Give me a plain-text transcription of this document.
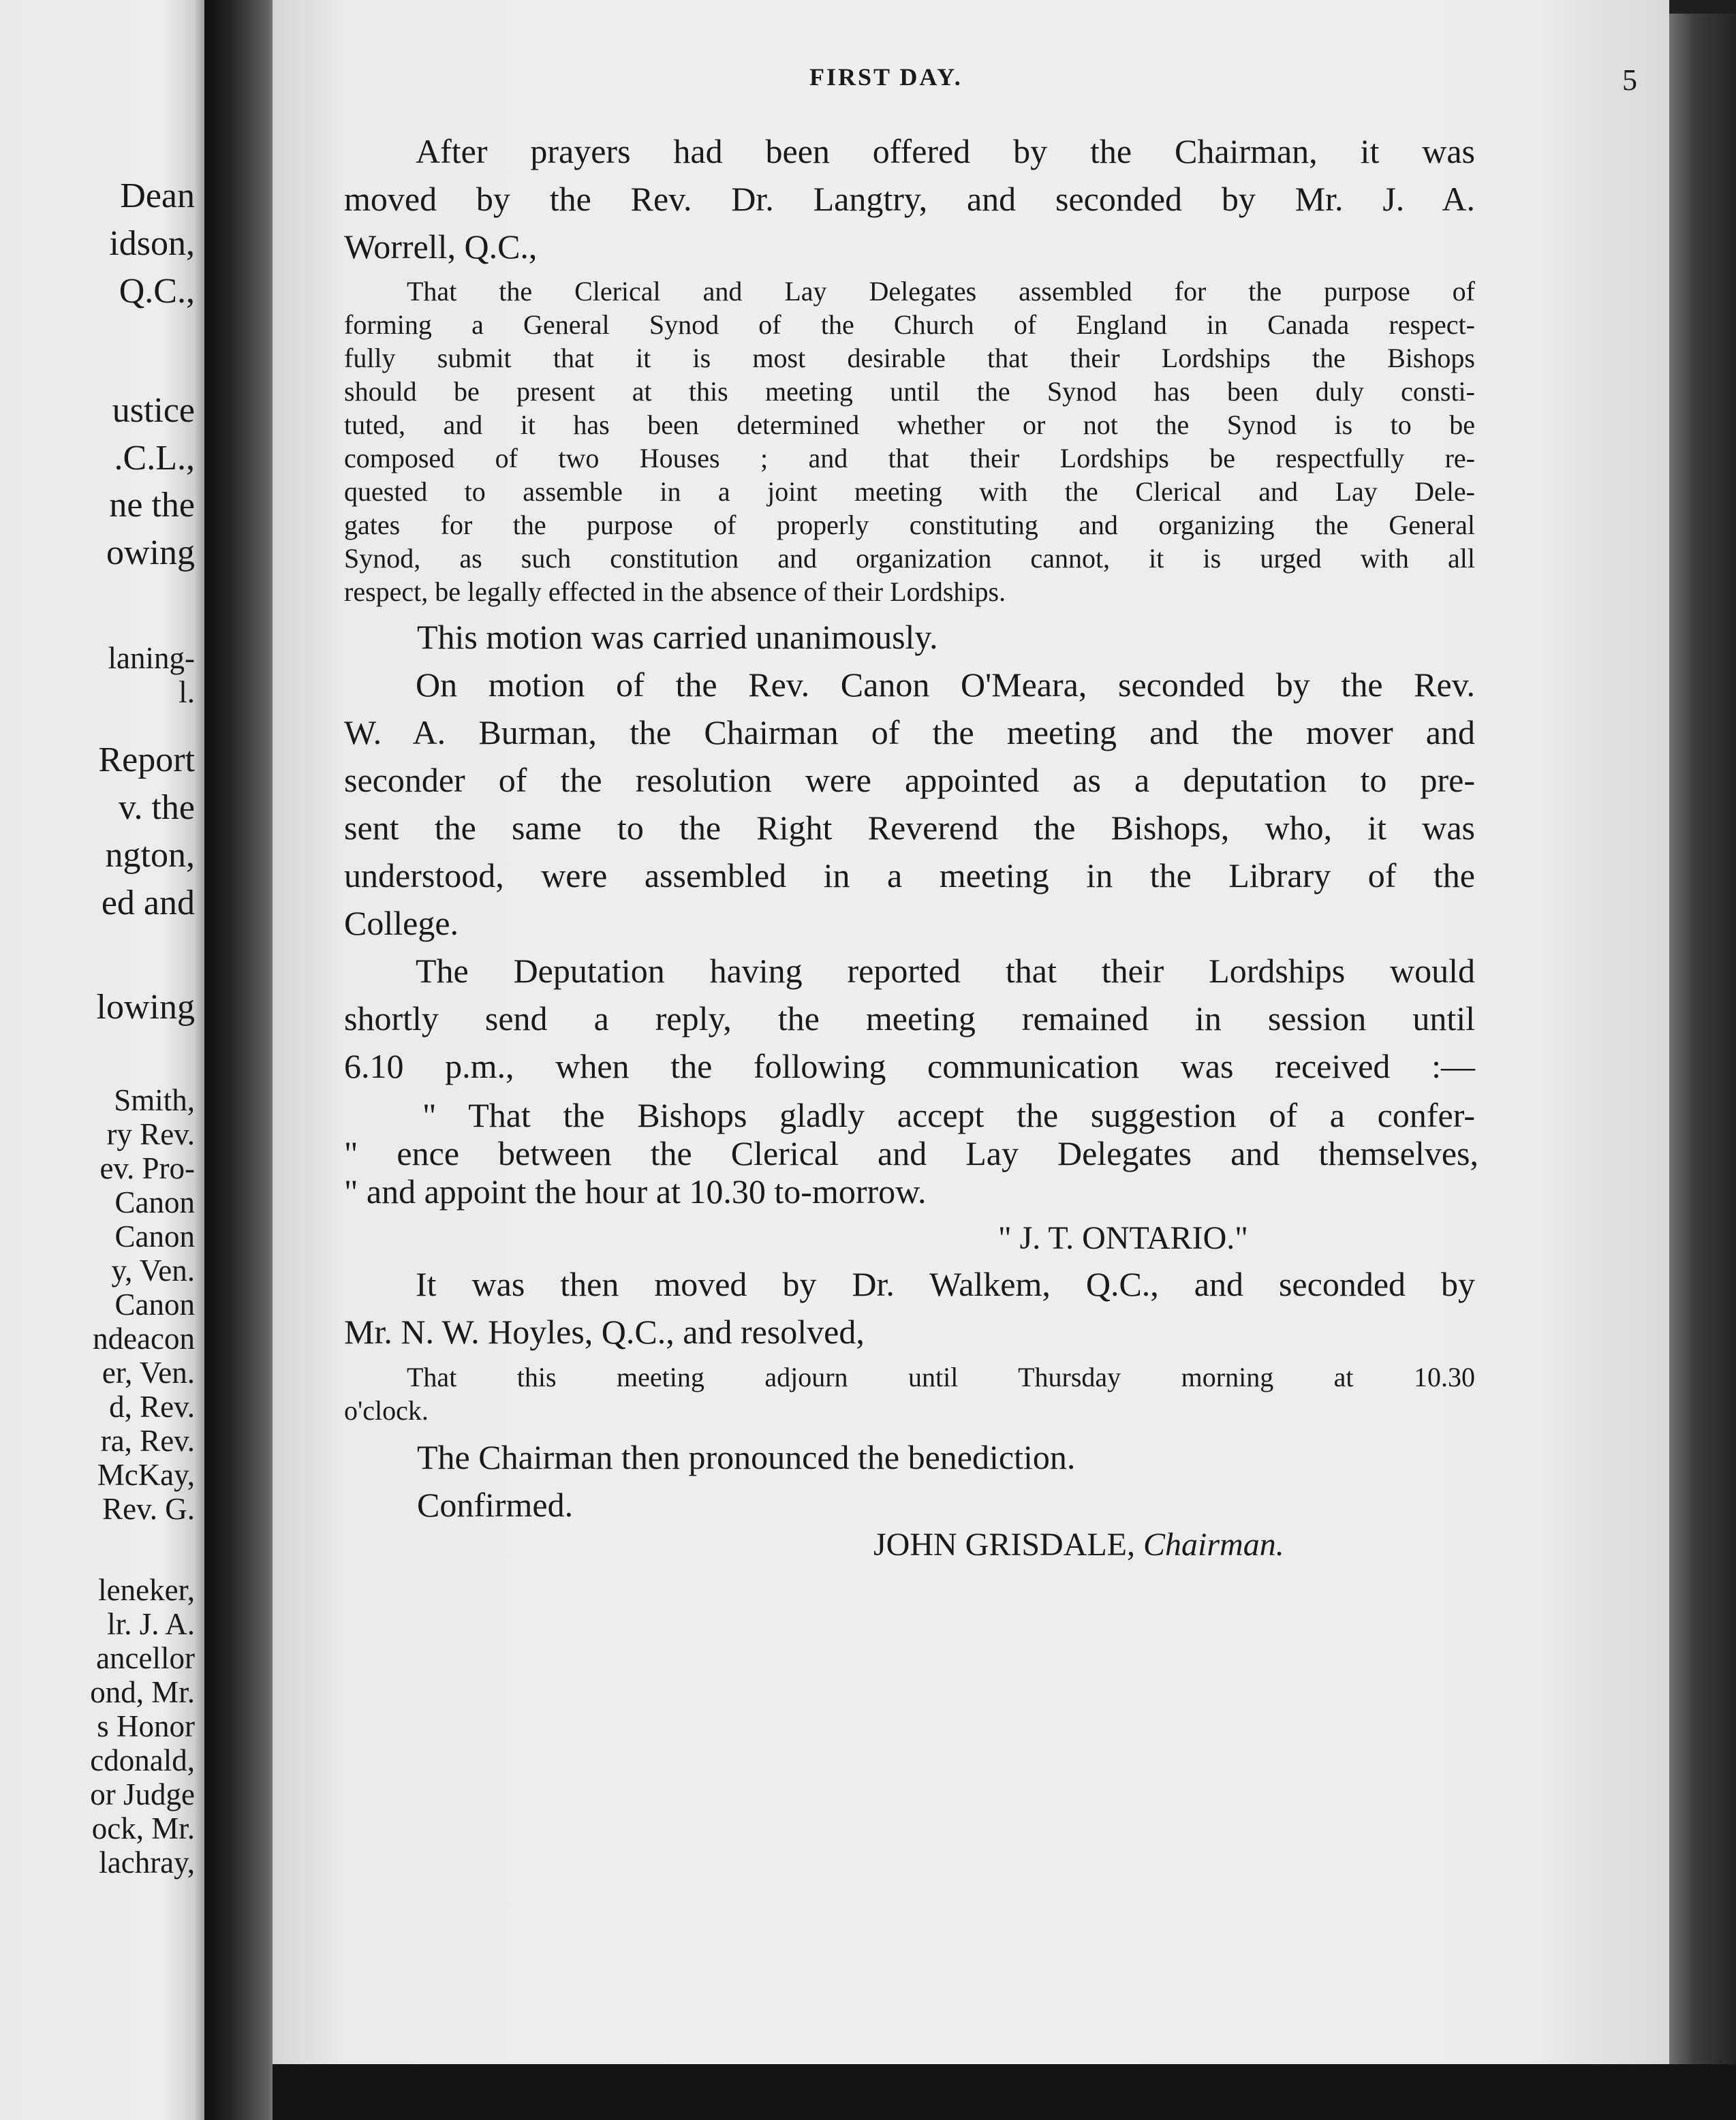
Dean
idson,
Q.C.,
ustice
.C.L.,
ne the
owing
laning-
l.
Report
v. the
ngton,
ed and
lowing
Smith,
ry Rev.
ev. Pro-
Canon
Canon
y, Ven.
Canon
ndeacon
er, Ven.
d, Rev.
ra, Rev.
McKay,
Rev. G.
leneker,
lr. J. A.
ancellor
ond, Mr.
s Honor
cdonald,
or Judge
ock, Mr.
lachray,
FIRST DAY.	5
After prayers had been offered by the Chairman, it was
moved by the Rev. Dr. Langtry, and seconded by Mr. J. A.
Worrell, Q.C.,
That the Clerical and Lay Delegates assembled for the purpose of
forming a General Synod of the Church of England in Canada respect-
fully submit that it is most desirable that their Lordships the Bishops
should be present at this meeting until the Synod has been duly consti-
tuted, and it has been determined whether or not the Synod is to be
composed of two Houses ; and that their Lordships be respectfully re-
quested to assemble in a joint meeting with the Clerical and Lay Dele-
gates for the purpose of properly constituting and organizing the General
Synod, as such constitution and organization cannot, it is urged with all
respect, be legally effected in the absence of their Lordships.
This motion was carried unanimously.
On motion of the Rev. Canon O'Meara, seconded by the Rev.
W. A. Burman, the Chairman of the meeting and the mover and
seconder of the resolution were appointed as a deputation to pre-
sent the same to the Right Reverend the Bishops, who, it was
understood, were assembled in a meeting in the Library of the
College.
The Deputation having reported that their Lordships would
shortly send a reply, the meeting remained in session until
6.10 p.m., when the following communication was received :—
" That the Bishops gladly accept the suggestion of a confer-
" ence between the Clerical and Lay Delegates and themselves,
" and appoint the hour at 10.30 to-morrow.
" J. T. ONTARIO."
It was then moved by Dr. Walkem, Q.C., and seconded by
Mr. N. W. Hoyles, Q.C., and resolved,
That this meeting adjourn until Thursday morning at 10.30
o'clock.
The Chairman then pronounced the benediction.
Confirmed.
JOHN GRISDALE, Chairman.
